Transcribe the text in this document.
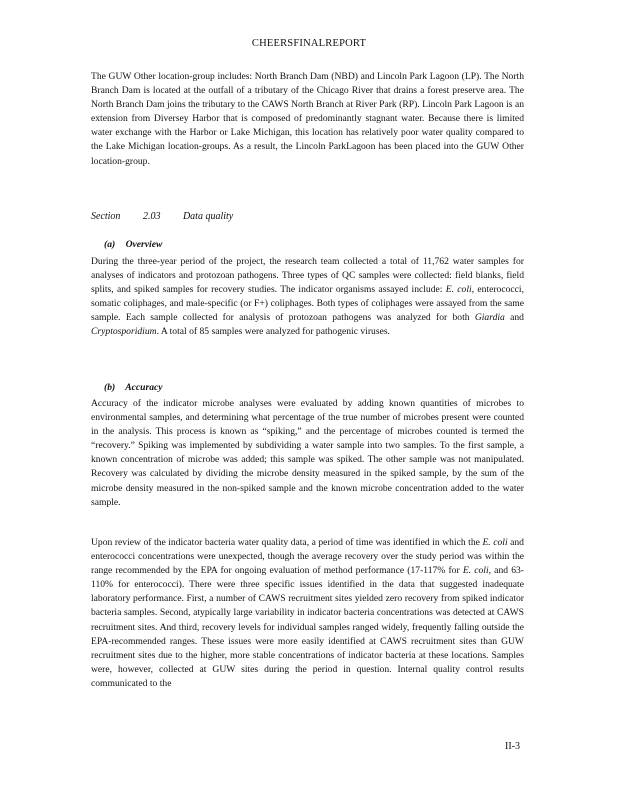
CHEERSFINALREPORT

The GUW Other location-group includes: North Branch Dam (NBD) and Lincoln Park Lagoon (LP). The North Branch Dam is located at the outfall of a tributary of the Chicago River that drains a forest preserve area. The North Branch Dam joins the tributary to the CAWS North Branch at River Park (RP). Lincoln Park Lagoon is an extension from Diversey Harbor that is composed of predominantly stagnant water. Because there is limited water exchange with the Harbor or Lake Michigan, this location has relatively poor water quality compared to the Lake Michigan location-groups. As a result, the Lincoln ParkLagoon has been placed into the GUW Other location-group.

Section 2.03 Data quality
(a) Overview

During the three-year period of the project, the research team collected a total of 11,762 water samples for analyses of indicators and protozoan pathogens. Three types of QC samples were collected: field blanks, field splits, and spiked samples for recovery studies. The indicator organisms assayed include: E. coli, enterococci, somatic coliphages, and male-specific (or F+) coliphages. Both types of coliphages were assayed from the same sample. Each sample collected for analysis of protozoan pathogens was analyzed for both Giardia and Cryptosporidium. A total of 85 samples were analyzed for pathogenic viruses.

(b) Accuracy

Accuracy of the indicator microbe analyses were evaluated by adding known quantities of microbes to environmental samples, and determining what percentage of the true number of microbes present were counted in the analysis. This process is known as “spiking,” and the percentage of microbes counted is termed the “recovery.” Spiking was implemented by subdividing a water sample into two samples. To the first sample, a known concentration of microbe was added; this sample was spiked. The other sample was not manipulated. Recovery was calculated by dividing the microbe density measured in the spiked sample, by the sum of the microbe density measured in the non-spiked sample and the known microbe concentration added to the water sample.

Upon review of the indicator bacteria water quality data, a period of time was identified in which the E. coli and enterococci concentrations were unexpected, though the average recovery over the study period was within the range recommended by the EPA for ongoing evaluation of method performance (17-117% for E. coli, and 63-110% for enterococci). There were three specific issues identified in the data that suggested inadequate laboratory performance. First, a number of CAWS recruitment sites yielded zero recovery from spiked indicator bacteria samples. Second, atypically large variability in indicator bacteria concentrations was detected at CAWS recruitment sites. And third, recovery levels for individual samples ranged widely, frequently falling outside the EPA-recommended ranges. These issues were more easily identified at CAWS recruitment sites than GUW recruitment sites due to the higher, more stable concentrations of indicator bacteria at these locations. Samples were, however, collected at GUW sites during the period in question. Internal quality control results communicated to the

II-3
